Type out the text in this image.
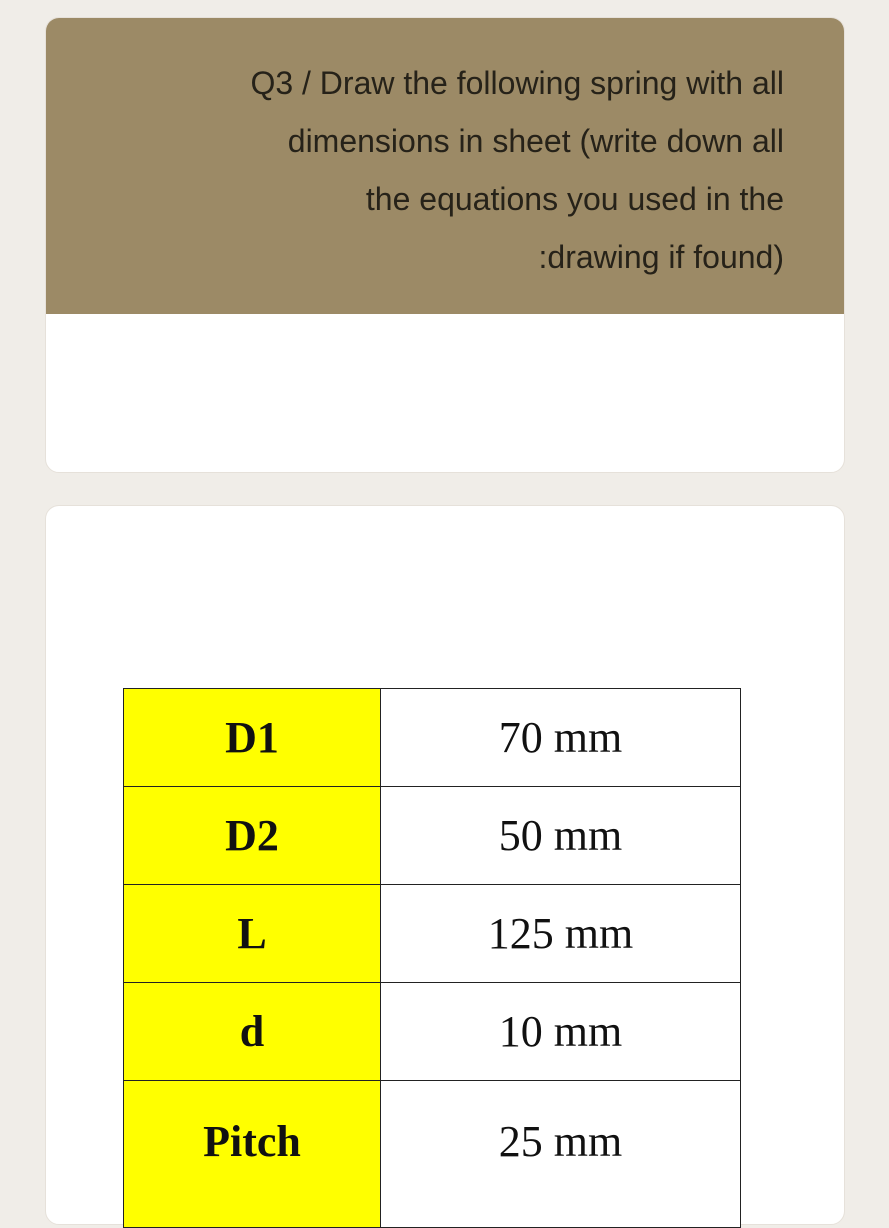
Q3 / Draw the following spring with all
dimensions in sheet (write down all
the equations you used in the
:drawing if found)
D1	70 mm
D2	50 mm
L	125 mm
d	10 mm
Pitch	25 mm
